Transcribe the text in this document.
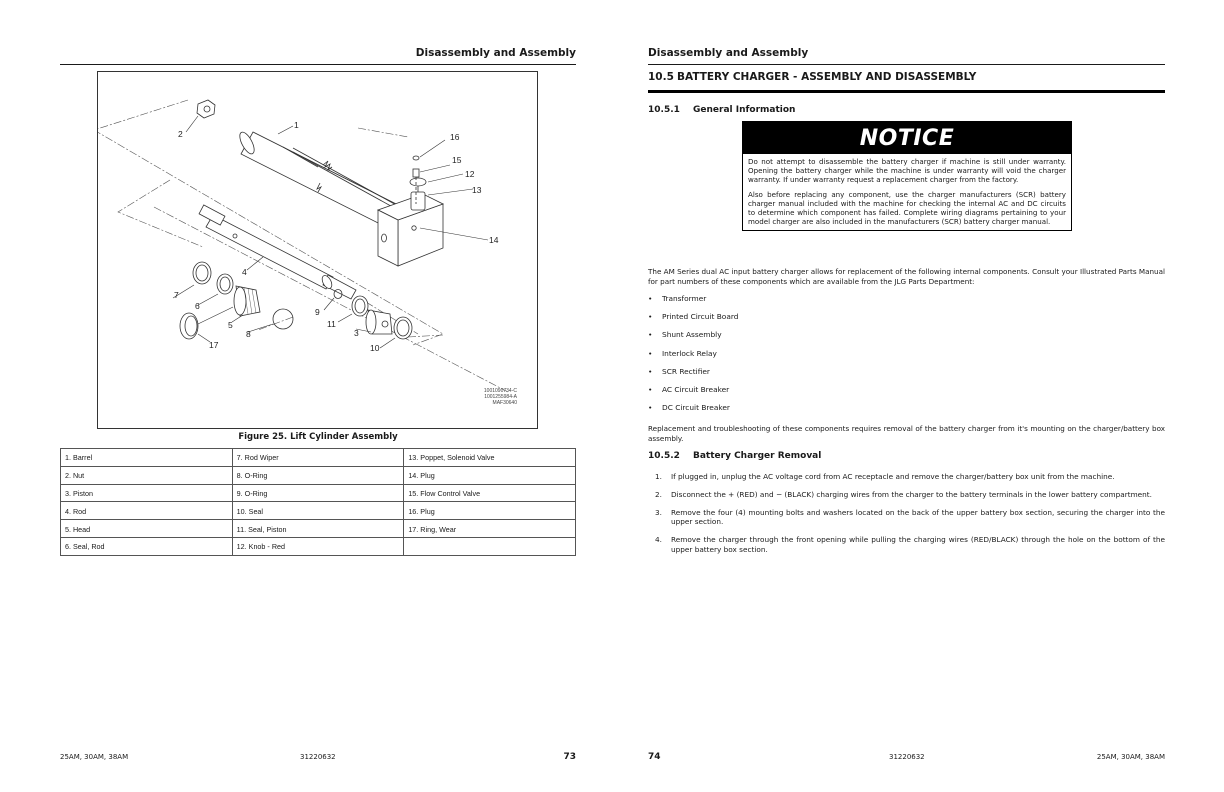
Disassembly and Assembly
1
2
3
4
5
6
7
8
9
10
11
12
13
14
15
16
17
1001090734-C
1001255984-A
MAF30640
Figure 25. Lift Cylinder Assembly
1. Barrel	7. Rod Wiper	13. Poppet, Solenoid Valve
2. Nut	8. O-Ring	14. Plug
3. Piston	9. O-Ring	15. Flow Control Valve
4. Rod	10. Seal	16. Plug
5. Head	11. Seal, Piston	17. Ring, Wear
6. Seal, Rod	12. Knob - Red	
25AM, 30AM, 38AM	31220632	73
Disassembly and Assembly
10.5 BATTERY CHARGER - ASSEMBLY AND DISASSEMBLY
10.5.1 General Information
NOTICE

Do not attempt to disassemble the battery charger if machine is still under warranty. Opening the battery charger while the machine is under warranty will void the charger warranty. If under warranty request a replacement charger from the factory.

Also before replacing any component, use the charger manufacturers (SCR) battery charger manual included with the machine for checking the internal AC and DC circuits to determine which component has failed. Complete wiring diagrams pertaining to your model charger are also included in the manufacturers (SCR) battery charger manual.

The AM Series dual AC input battery charger allows for replacement of the following internal components. Consult your Illustrated Parts Manual for part numbers of these components which are available from the JLG Parts Department:

•	Transformer
•	Printed Circuit Board
•	Shunt Assembly
•	Interlock Relay
•	SCR Rectifier
•	AC Circuit Breaker
•	DC Circuit Breaker

Replacement and troubleshooting of these components requires removal of the battery charger from it's mounting on the charger/battery box assembly.

10.5.2 Battery Charger Removal
1.	If plugged in, unplug the AC voltage cord from AC receptacle and remove the charger/battery box unit from the machine.
2.	Disconnect the + (RED) and − (BLACK) charging wires from the charger to the battery terminals in the lower battery compartment.
3.	Remove the four (4) mounting bolts and washers located on the back of the upper battery box section, securing the charger into the upper section.
4.	Remove the charger through the front opening while pulling the charging wires (RED/BLACK) through the hole on the bottom of the upper battery box section.
74	31220632	25AM, 30AM, 38AM
